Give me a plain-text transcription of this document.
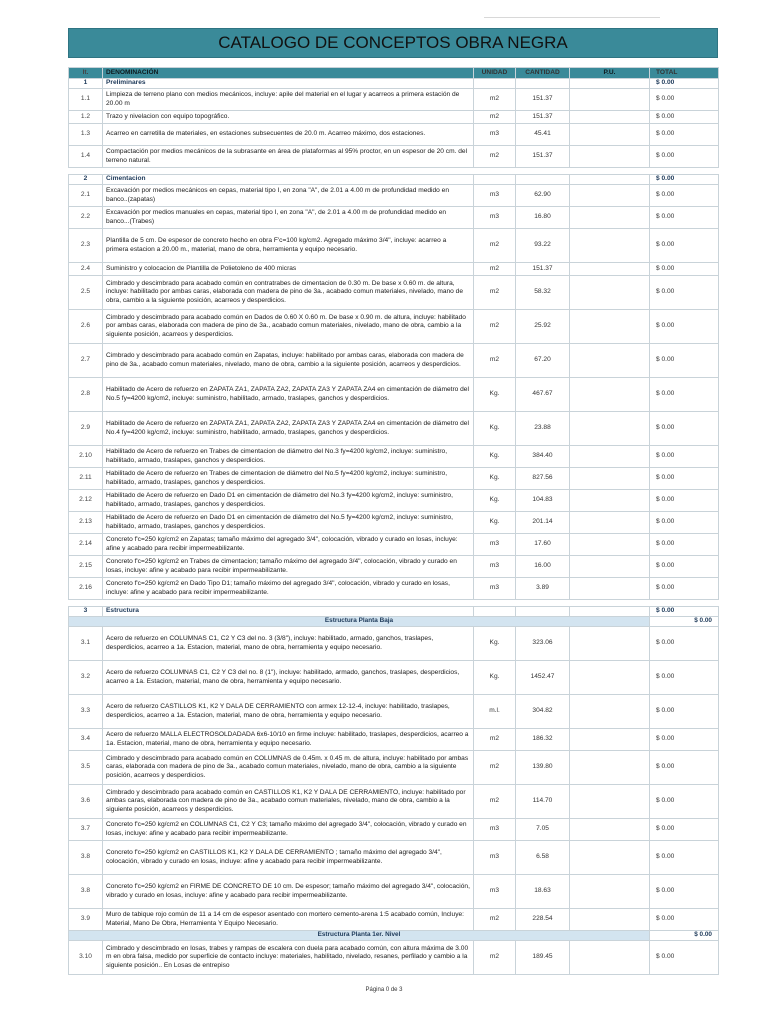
CATALOGO DE CONCEPTOS OBRA NEGRA
It.	DENOMINACIÓN	UNIDAD	CANTIDAD	P.U.	TOTAL
1	Preliminares				$ 0.00
1.1	Limpieza de terreno plano con medios mecánicos, incluye: apile del material en el lugar y acarreos a primera estación de 20.00 m	m2	151.37		$ 0.00
1.2	Trazo y nivelacion con equipo topográfico.	m2	151.37		$ 0.00
1.3	Acarreo en carretilla de materiales, en estaciones subsecuentes de 20.0 m. Acarreo máximo, dos estaciones.	m3	45.41		$ 0.00
1.4	Compactación por medios mecánicos de la subrasante en área de plataformas al 95% proctor, en un espesor de 20 cm. del terreno natural.	m2	151.37		$ 0.00

2	Cimentacion				$ 0.00
2.1	Excavación por medios mecánicos en cepas, material tipo I, en zona "A", de 2.01 a 4.00 m de profundidad medido en banco..(zapatas)	m3	62.90		$ 0.00
2.2	Excavación por medios manuales en cepas, material tipo I, en zona "A", de 2.01 a 4.00 m de profundidad medido en banco...(Trabes)	m3	16.80		$ 0.00
2.3	Plantilla de 5 cm. De espesor de concreto hecho en obra F'c=100 kg/cm2. Agregado máximo 3/4", incluye: acarreo a primera estacion a 20.00 m., material, mano de obra, herramienta y equipo necesario.	m2	93.22		$ 0.00
2.4	Suministro y colocacion de Plantilla de Polietoleno de 400 micras	m2	151.37		$ 0.00
2.5	Cimbrado y descimbrado para acabado común en contratrabes de cimentacion de 0.30 m. De base x 0.60 m. de altura, incluye: habilitado por ambas caras, elaborada con madera de pino de 3a., acabado comun materiales, nivelado, mano de obra, cambio a la siguiente posición, acarreos y desperdicios.	m2	58.32		$ 0.00
2.6	Cimbrado y descimbrado para acabado común en Dados de 0.60 X 0.60 m. De base x 0.90 m. de altura, incluye: habilitado por ambas caras, elaborada con madera de pino de 3a., acabado comun materiales, nivelado, mano de obra, cambio a la siguiente posición, acarreos y desperdicios.	m2	25.92		$ 0.00
2.7	Cimbrado y descimbrado para acabado común en Zapatas, incluye: habilitado por ambas caras, elaborada con madera de pino de 3a., acabado comun materiales, nivelado, mano de obra, cambio a la siguiente posición, acarreos y desperdicios.	m2	67.20		$ 0.00
2.8	Habilitado de Acero de refuerzo en ZAPATA ZA1, ZAPATA ZA2, ZAPATA ZA3 Y ZAPATA ZA4 en cimentación de diámetro del No.5 fy=4200 kg/cm2, incluye: suministro, habilitado, armado, traslapes, ganchos y desperdicios.	Kg.	467.67		$ 0.00
2.9	Habilitado de Acero de refuerzo en ZAPATA ZA1, ZAPATA ZA2, ZAPATA ZA3 Y ZAPATA ZA4 en cimentación de diámetro del No.4 fy=4200 kg/cm2, incluye: suministro, habilitado, armado, traslapes, ganchos y desperdicios.	Kg.	23.88		$ 0.00
2.10	Habilitado de Acero de refuerzo en Trabes de cimentacion de diámetro del No.3 fy=4200 kg/cm2, incluye: suministro, habilitado, armado, traslapes, ganchos y desperdicios.	Kg.	384.40		$ 0.00
2.11	Habilitado de Acero de refuerzo en Trabes de cimentacion de diámetro del No.5 fy=4200 kg/cm2, incluye: suministro, habilitado, armado, traslapes, ganchos y desperdicios.	Kg.	827.56		$ 0.00
2.12	Habilitado de Acero de refuerzo en Dado D1 en cimentación de diámetro del No.3 fy=4200 kg/cm2, incluye: suministro, habilitado, armado, traslapes, ganchos y desperdicios.	Kg.	104.83		$ 0.00
2.13	Habilitado de Acero de refuerzo en Dado D1 en cimentación de diámetro del No.5 fy=4200 kg/cm2, incluye: suministro, habilitado, armado, traslapes, ganchos y desperdicios.	Kg.	201.14		$ 0.00
2.14	Concreto f'c=250 kg/cm2 en Zapatas; tamaño máximo del agregado 3/4", colocación, vibrado y curado en losas, incluye: afine y acabado para recibir impermeabilizante.	m3	17.60		$ 0.00
2.15	Concreto f'c=250 kg/cm2 en Trabes de cimentacion; tamaño máximo del agregado 3/4", colocación, vibrado y curado en losas, incluye: afine y acabado para recibir impermeabilizante.	m3	16.00		$ 0.00
2.16	Concreto f'c=250 kg/cm2 en Dado Tipo D1; tamaño máximo del agregado 3/4", colocación, vibrado y curado en losas, incluye: afine y acabado para recibir impermeabilizante.	m3	3.89		$ 0.00

3	Estructura				$ 0.00
Estructura Planta Baja					$ 0.00
3.1	Acero de refuerzo en COLUMNAS C1, C2 Y C3 del no. 3 (3/8"), incluye: habilitado, armado, ganchos, traslapes, desperdicios, acarreo a 1a. Estacion, material, mano de obra, herramienta y equipo necesario.	Kg.	323.06		$ 0.00
3.2	Acero de refuerzo COLUMNAS C1, C2 Y C3 del no. 8 (1"), incluye: habilitado, armado, ganchos, traslapes, desperdicios, acarreo a 1a. Estacion, material, mano de obra, herramienta y equipo necesario.	Kg.	1452.47		$ 0.00
3.3	Acero de refuerzo CASTILLOS K1, K2 Y DALA DE CERRAMIENTO con armex 12-12-4, incluye: habilitado, traslapes, desperdicios, acarreo a 1a. Estacion, material, mano de obra, herramienta y equipo necesario.	m.l.	304.82		$ 0.00
3.4	Acero de refuerzo MALLA ELECTROSOLDADADA 6x6-10/10 en firme incluye: habilitado, traslapes, desperdicios, acarreo a 1a. Estacion, material, mano de obra, herramienta y equipo necesario.	m2	186.32		$ 0.00
3.5	Cimbrado y descimbrado para acabado común en COLUMNAS de 0.45m. x 0.45 m. de altura, incluye: habilitado por ambas caras, elaborada con madera de pino de 3a., acabado comun materiales, nivelado, mano de obra, cambio a la siguiente posición, acarreos y desperdicios.	m2	139.80		$ 0.00
3.6	Cimbrado y descimbrado para acabado común en CASTILLOS K1, K2 Y DALA DE CERRAMIENTO, incluye: habilitado por ambas caras, elaborada con madera de pino de 3a., acabado comun materiales, nivelado, mano de obra, cambio a la siguiente posición, acarreos y desperdicios.	m2	114.70		$ 0.00
3.7	Concreto f'c=250 kg/cm2 en COLUMNAS C1, C2 Y C3; tamaño máximo del agregado 3/4", colocación, vibrado y curado en losas, incluye: afine y acabado para recibir impermeabilizante.	m3	7.05		$ 0.00
3.8	Concreto f'c=250 kg/cm2 en CASTILLOS K1, K2 Y DALA DE CERRAMIENTO ; tamaño máximo del agregado 3/4", colocación, vibrado y curado en losas, incluye: afine y acabado para recibir impermeabilizante.	m3	6.58		$ 0.00
3.8	Concreto f'c=250 kg/cm2 en FIRME DE CONCRETO DE 10 cm. De espesor; tamaño máximo del agregado 3/4", colocación, vibrado y curado en losas, incluye: afine y acabado para recibir impermeabilizante.	m3	18.63		$ 0.00
3.9	Muro de tabique rojo común de 11 a 14 cm de espesor asentado con mortero cemento-arena 1:5 acabado común, Incluye: Material, Mano De Obra, Herramienta Y Equipo Necesario.	m2	228.54		$ 0.00
Estructura Planta 1er. Nivel					$ 0.00
3.10	Cimbrado y descimbrado en losas, trabes y rampas de escalera con duela para acabado común, con altura máxima de 3.00 m en obra falsa, medido por superficie de contacto incluye: materiales, habilitado, nivelado, resanes, perfilado y cambio a la siguiente posición.. En Losas de entrepiso	m2	189.45		$ 0.00
Página 0 de 3
